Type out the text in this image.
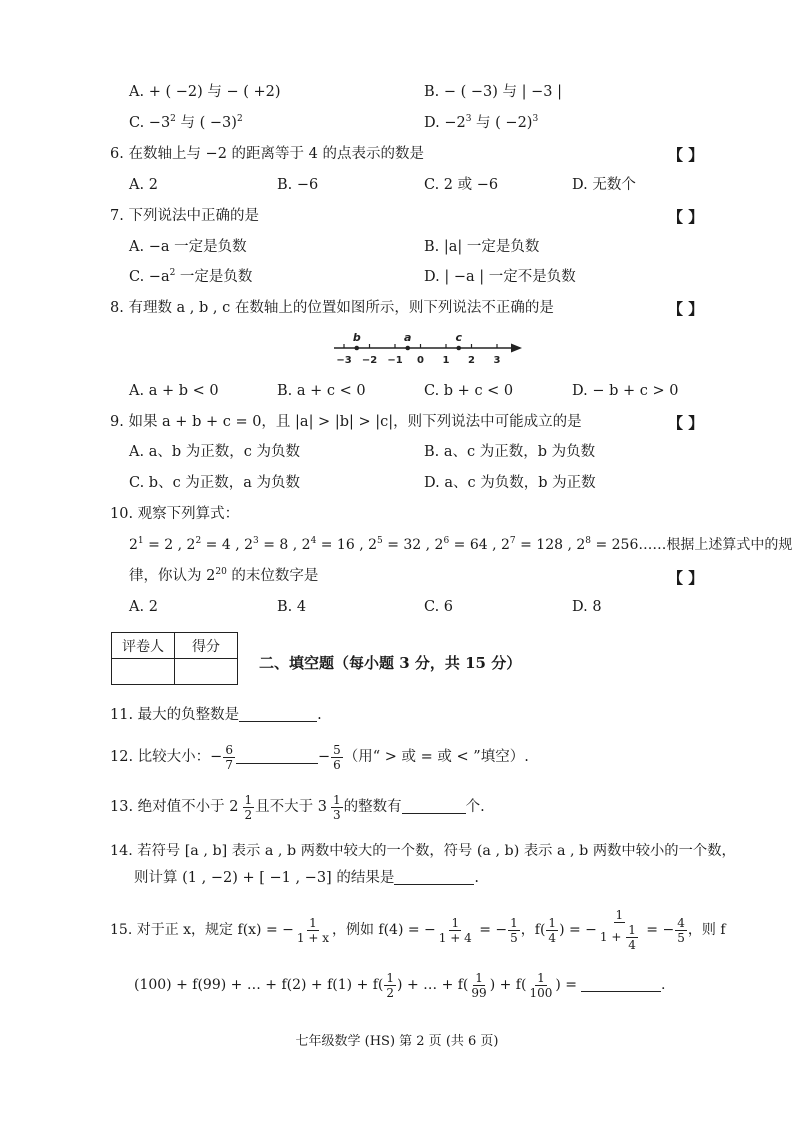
A. + ( −2) 与 − ( +2)	B. − ( −3) 与 | −3 |
C. $-3^2$ 与 ( −3)$^2$	D. $-2^3$ 与 ( −2)$^3$
6. 在数轴上与 −2 的距离等于 4 的点表示的数是	【 】
A. 2	B. −6	C. 2 或 −6	D. 无数个
7. 下列说法中正确的是	【 】
A. −a 一定是负数	B. |a| 一定是负数
C. $-a^2$ 一定是负数	D. | −a | 一定不是负数
8. 有理数 a , b , c 在数轴上的位置如图所示，则下列说法不正确的是	【 】
−3 −2 −1 0 1 2 3
b	a	c
A. a + b < 0	B. a + c < 0	C. b + c < 0	D. − b + c > 0
9. 如果 a + b + c = 0，且 |a| > |b| > |c|，则下列说法中可能成立的是	【 】
A. a、b 为正数，c 为负数	B. a、c 为正数，b 为负数
C. b、c 为正数，a 为负数	D. a、c 为负数，b 为正数
10. 观察下列算式：
$2^1 = 2$ , $2^2 = 4$ , $2^3 = 8$ , $2^4 = 16$ , $2^5 = 32$ , $2^6 = 64$ , $2^7 = 128$ , $2^8$ = 256……根据上述算式中的规
律，你认为 $2^{20}$ 的末位数字是	【 】
A. 2	B. 4	C. 6	D. 8
评卷人	得分

二、填空题（每小题 3 分，共 15 分）
11. 最大的负整数是	.
12. 比较大小：− $\frac{6}{7}$	− $\frac{5}{6}$ （用“ > 或 = 或 < ”填空）.
13. 绝对值不小于 $2 \frac{1}{2}$ 且不大于 $3 \frac{1}{3}$ 的整数有	个.
14. 若符号 [a , b] 表示 a , b 两数中较大的一个数，符号 (a , b) 表示 a , b 两数中较小的一个数，
则计算 (1 , −2) + [ −1 , −3] 的结果是	.
15. 对于正 x，规定 f(x) = − $\frac{1}{1 + x}$ ，例如 f(4) = − $\frac{1}{1 + 4}$ = − $\frac{1}{5}$ ，$f( \frac{1}{4}$ ) = − $\frac{1}{1 + \frac{1}{4}}$ = − $\frac{4}{5}$ ，则 f
(100) + f(99) + … + $f(2) + f(1) + f( \frac{1}{2}$ ) + … + $f( \frac{1}{99}$ ) + $f( \frac{1}{100}$ ) =	.
七年级数学 (HS) 第 2 页 (共 6 页)
